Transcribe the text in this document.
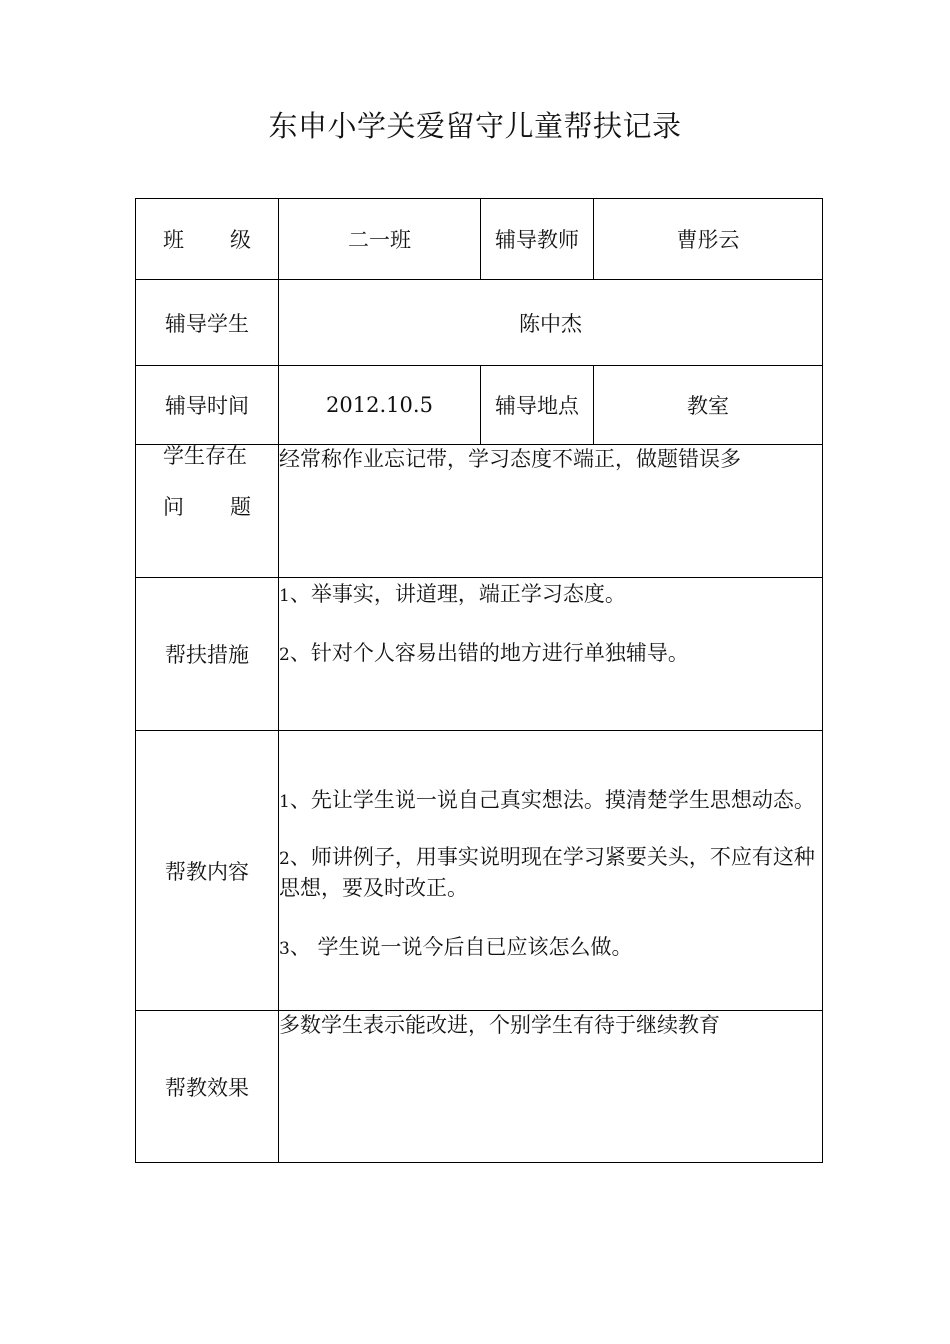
东申小学关爱留守儿童帮扶记录
班 级	二一班	辅导教师	曹彤云
辅导学生	陈中杰		
辅导时间	2012.10.5	辅导地点	教室

学生存在
问 题	经常称作业忘记带，学习态度不端正，做题错误多		

帮扶措施	1、举事实，讲道理，端正学习态度。
2、针对个人容易出错的地方进行单独辅导。		

帮教内容	1、先让学生说一说自己真实想法。摸清楚学生思想动态。
2、师讲例子，用事实说明现在学习紧要关头，不应有这种思想，要及时改正。
3、 学生说一说今后自已应该怎么做。		

帮教效果	多数学生表示能改进，个别学生有待于继续教育		
